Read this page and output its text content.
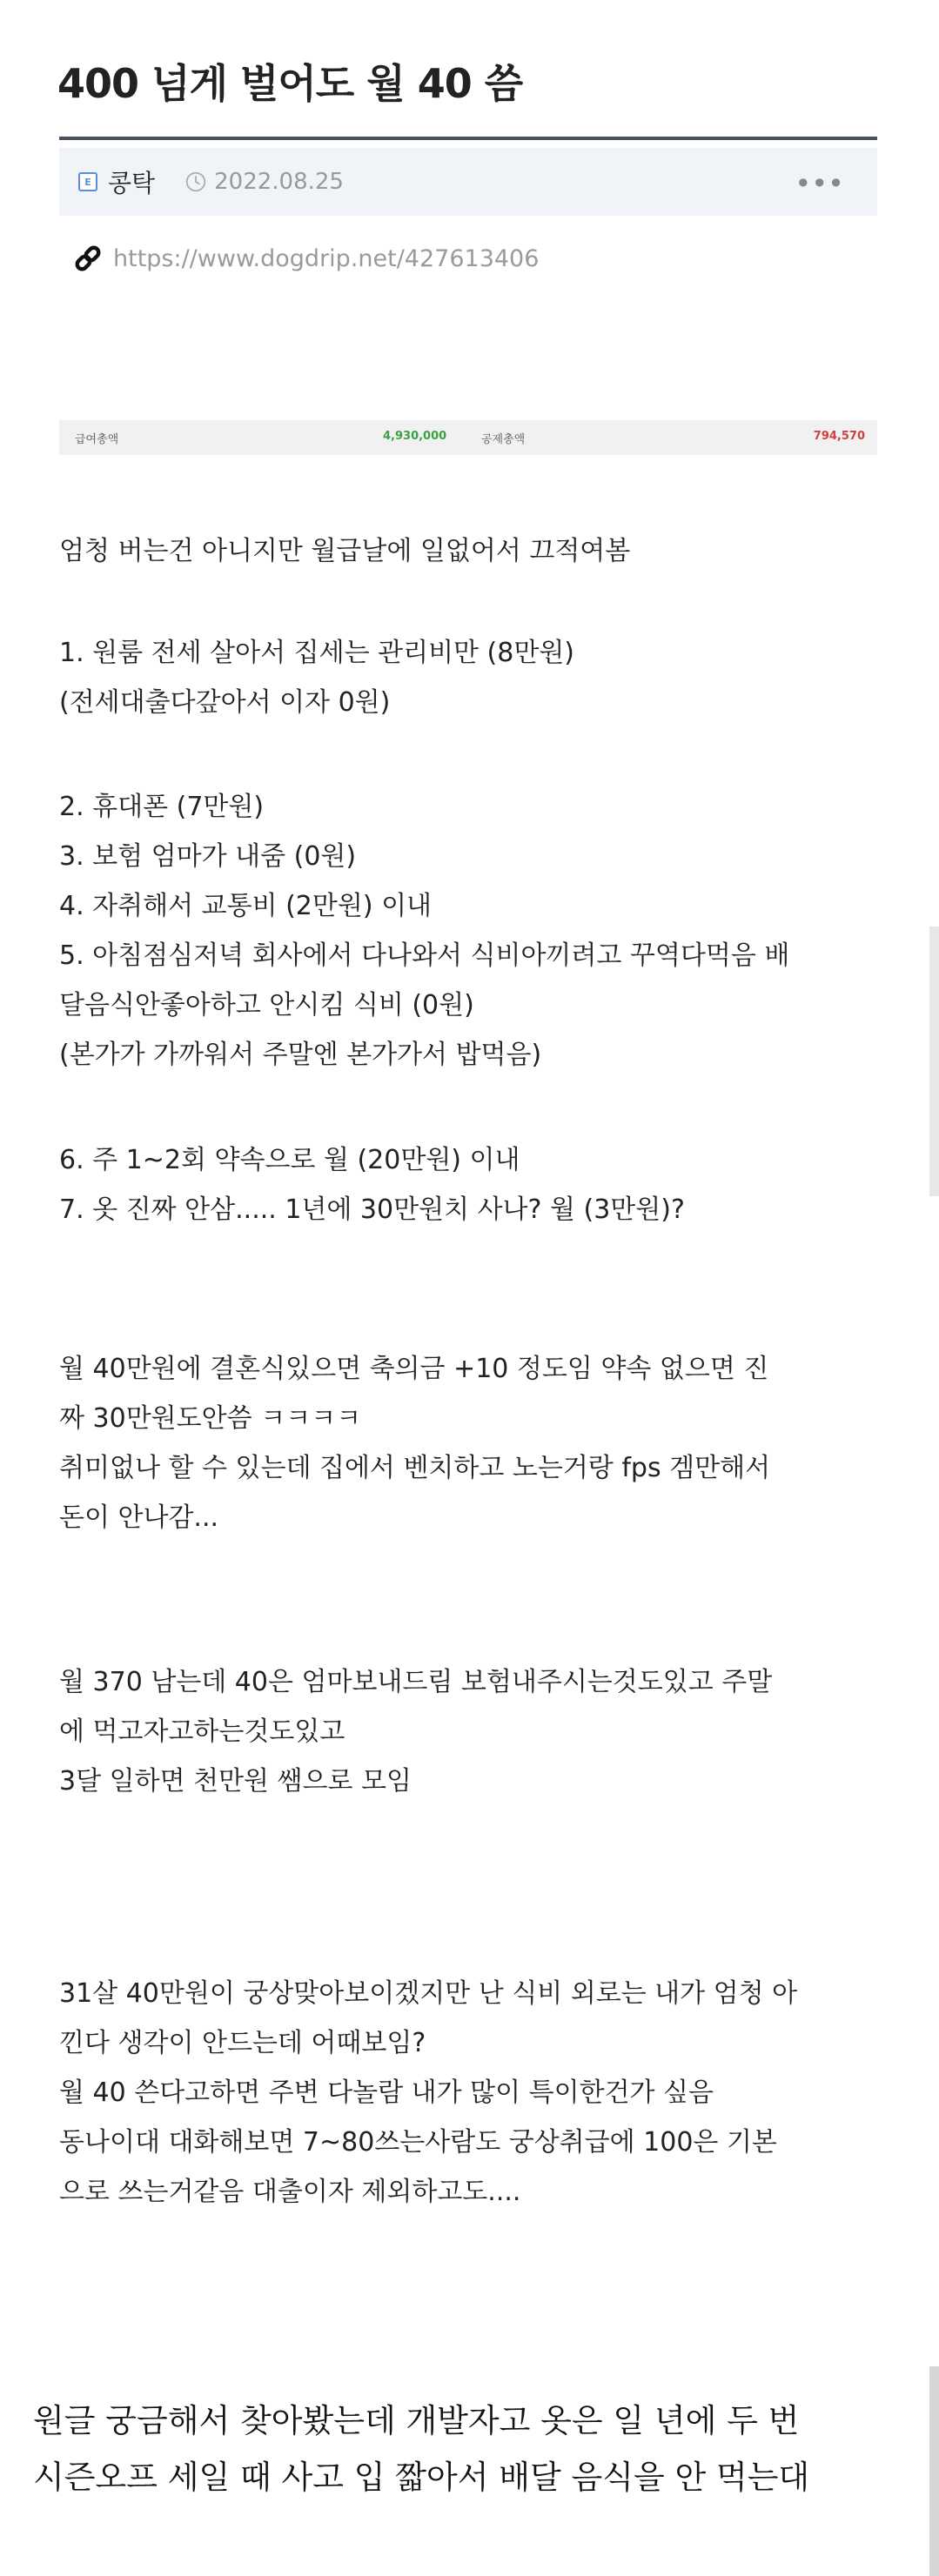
400 넘게 벌어도 월 40 씀
E 콩탁	2022.08.25	•••
https://www.dogdrip.net/427613406
급여총액	4,930,000	공제총액	794,570

엄청 버는건 아니지만 월급날에 일없어서 끄적여봄

1. 원룸 전세 살아서 집세는 관리비만 (8만원)
(전세대출다갚아서 이자 0원)

2. 휴대폰 (7만원)
3. 보험 엄마가 내줌 (0원)
4. 자취해서 교통비 (2만원) 이내
5. 아침점심저녁 회사에서 다나와서 식비아끼려고 꾸역다먹음 배
달음식안좋아하고 안시킴 식비 (0원)
(본가가 가까워서 주말엔 본가가서 밥먹음)

6. 주 1~2회 약속으로 월 (20만원) 이내
7. 옷 진짜 안삼..... 1년에 30만원치 사나? 월 (3만원)?

월 40만원에 결혼식있으면 축의금 +10 정도임 약속 없으면 진
짜 30만원도안씀 ㅋㅋㅋㅋ
취미없나 할 수 있는데 집에서 벤치하고 노는거랑 fps 겜만해서
돈이 안나감...

월 370 남는데 40은 엄마보내드림 보험내주시는것도있고 주말
에 먹고자고하는것도있고
3달 일하면 천만원 쌤으로 모임

31살 40만원이 궁상맞아보이겠지만 난 식비 외로는 내가 엄청 아
낀다 생각이 안드는데 어때보임?
월 40 쓴다고하면 주변 다놀람 내가 많이 특이한건가 싶음
동나이대 대화해보면 7~80쓰는사람도 궁상취급에 100은 기본
으로 쓰는거같음 대출이자 제외하고도....

원글 궁금해서 찾아봤는데 개발자고 옷은 일 년에 두 번
시즌오프 세일 때 사고 입 짧아서 배달 음식을 안 먹는대
